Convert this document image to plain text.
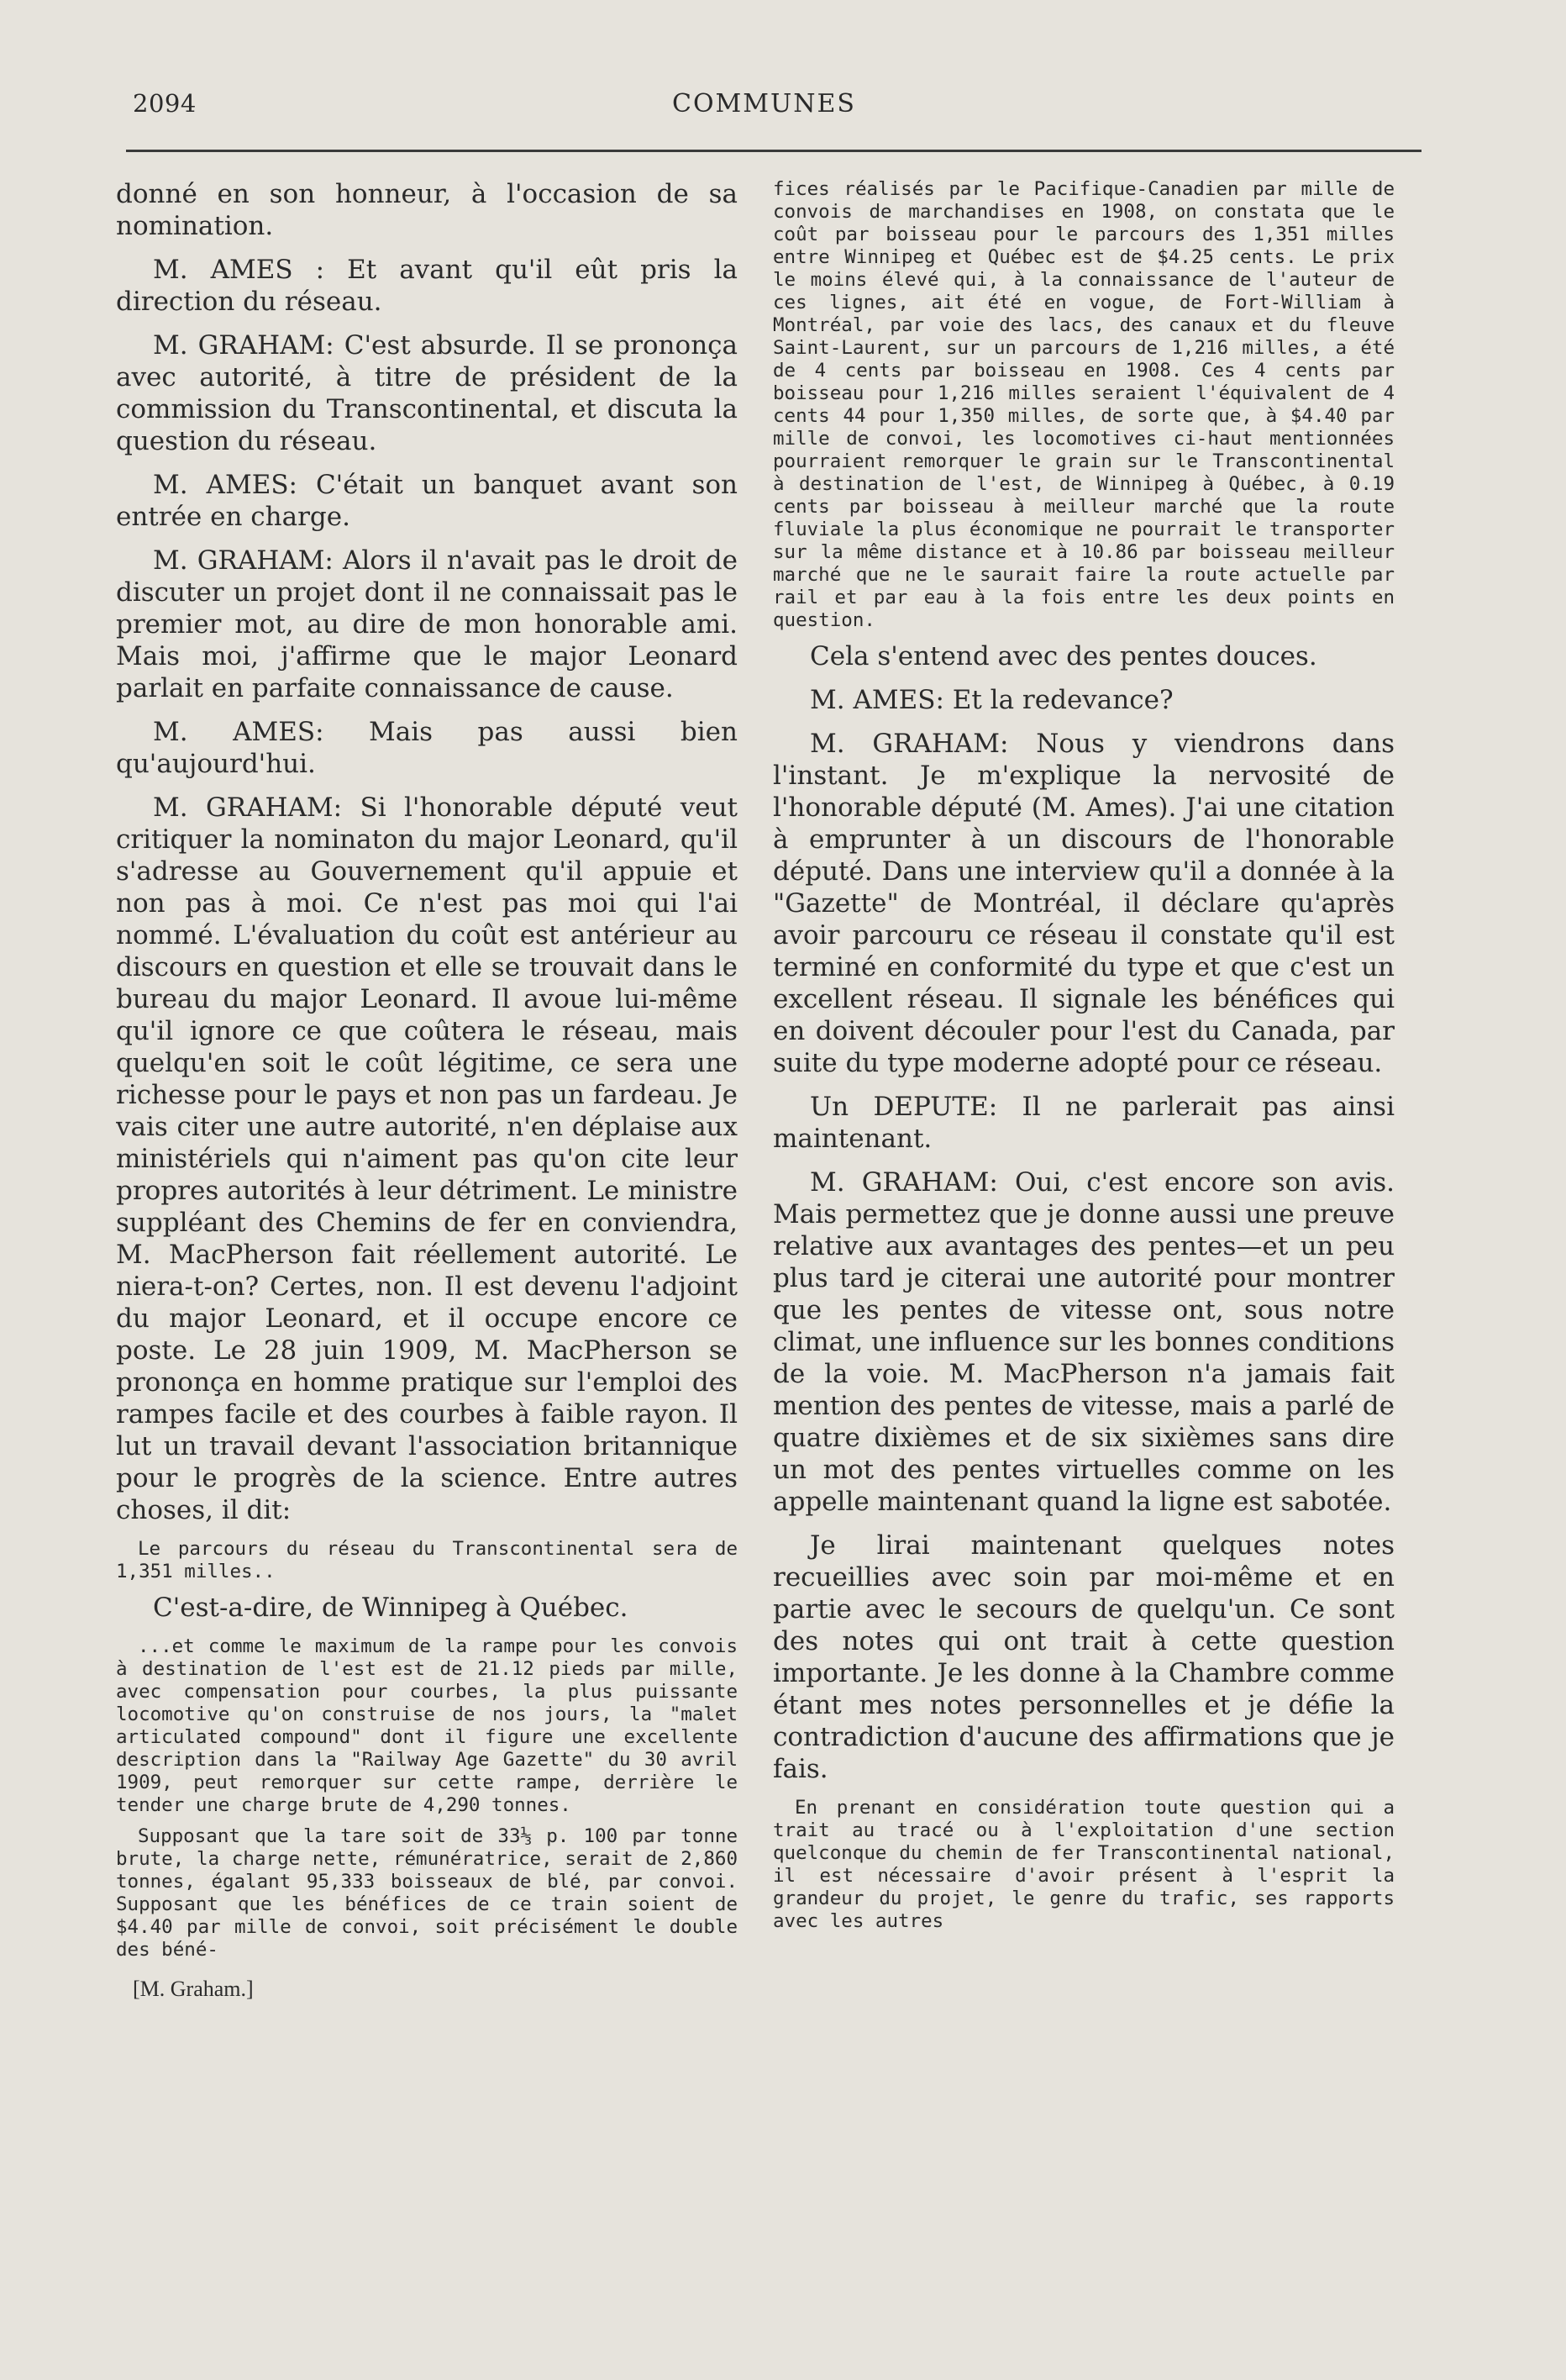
2094	COMMUNES

donné en son honneur, à l'occasion de sa nomination.

M. AMES : Et avant qu'il eût pris la direction du réseau.

M. GRAHAM: C'est absurde. Il se prononça avec autorité, à titre de président de la commission du Transcontinental, et discuta la question du réseau.

M. AMES: C'était un banquet avant son entrée en charge.

M. GRAHAM: Alors il n'avait pas le droit de discuter un projet dont il ne connaissait pas le premier mot, au dire de mon honorable ami. Mais moi, j'affirme que le major Leonard parlait en parfaite connaissance de cause.

M. AMES: Mais pas aussi bien qu'aujourd'hui.

M. GRAHAM: Si l'honorable député veut critiquer la nominaton du major Leonard, qu'il s'adresse au Gouvernement qu'il appuie et non pas à moi. Ce n'est pas moi qui l'ai nommé. L'évaluation du coût est antérieur au discours en question et elle se trouvait dans le bureau du major Leonard. Il avoue lui-même qu'il ignore ce que coûtera le réseau, mais quelqu'en soit le coût légitime, ce sera une richesse pour le pays et non pas un fardeau. Je vais citer une autre autorité, n'en déplaise aux ministériels qui n'aiment pas qu'on cite leur propres autorités à leur détriment. Le ministre suppléant des Chemins de fer en conviendra, M. MacPherson fait réellement autorité. Le niera-t-on? Certes, non. Il est devenu l'adjoint du major Leonard, et il occupe encore ce poste. Le 28 juin 1909, M. MacPherson se prononça en homme pratique sur l'emploi des rampes facile et des courbes à faible rayon. Il lut un travail devant l'association britannique pour le progrès de la science. Entre autres choses, il dit:

Le parcours du réseau du Transcontinental sera de 1,351 milles..

C'est-a-dire, de Winnipeg à Québec.

...et comme le maximum de la rampe pour les convois à destination de l'est est de 21.12 pieds par mille, avec compensation pour courbes, la plus puissante locomotive qu'on construise de nos jours, la "malet articulated compound" dont il figure une excellente description dans la "Railway Age Gazette" du 30 avril 1909, peut remorquer sur cette rampe, derrière le tender une charge brute de 4,290 tonnes.

Supposant que la tare soit de 33⅓ p. 100 par tonne brute, la charge nette, rémunératrice, serait de 2,860 tonnes, égalant 95,333 boisseaux de blé, par convoi. Supposant que les bénéfices de ce train soient de $4.40 par mille de convoi, soit précisément le double des béné-

[M. Graham.]

fices réalisés par le Pacifique-Canadien par mille de convois de marchandises en 1908, on constata que le coût par boisseau pour le parcours des 1,351 milles entre Winnipeg et Québec est de $4.25 cents. Le prix le moins élevé qui, à la connaissance de l'auteur de ces lignes, ait été en vogue, de Fort-William à Montréal, par voie des lacs, des canaux et du fleuve Saint-Laurent, sur un parcours de 1,216 milles, a été de 4 cents par boisseau en 1908. Ces 4 cents par boisseau pour 1,216 milles seraient l'équivalent de 4 cents 44 pour 1,350 milles, de sorte que, à $4.40 par mille de convoi, les locomotives ci-haut mentionnées pourraient remorquer le grain sur le Transcontinental à destination de l'est, de Winnipeg à Québec, à 0.19 cents par boisseau à meilleur marché que la route fluviale la plus économique ne pourrait le transporter sur la même distance et à 10.86 par boisseau meilleur marché que ne le saurait faire la route actuelle par rail et par eau à la fois entre les deux points en question.

Cela s'entend avec des pentes douces.

M. AMES: Et la redevance?

M. GRAHAM: Nous y viendrons dans l'instant. Je m'explique la nervosité de l'honorable député (M. Ames). J'ai une citation à emprunter à un discours de l'honorable député. Dans une interview qu'il a donnée à la "Gazette" de Montréal, il déclare qu'après avoir parcouru ce réseau il constate qu'il est terminé en conformité du type et que c'est un excellent réseau. Il signale les bénéfices qui en doivent découler pour l'est du Canada, par suite du type moderne adopté pour ce réseau.

Un DEPUTE: Il ne parlerait pas ainsi maintenant.

M. GRAHAM: Oui, c'est encore son avis. Mais permettez que je donne aussi une preuve relative aux avantages des pentes—et un peu plus tard je citerai une autorité pour montrer que les pentes de vitesse ont, sous notre climat, une influence sur les bonnes conditions de la voie. M. MacPherson n'a jamais fait mention des pentes de vitesse, mais a parlé de quatre dixièmes et de six sixièmes sans dire un mot des pentes virtuelles comme on les appelle maintenant quand la ligne est sabotée.

Je lirai maintenant quelques notes recueillies avec soin par moi-même et en partie avec le secours de quelqu'un. Ce sont des notes qui ont trait à cette question importante. Je les donne à la Chambre comme étant mes notes personnelles et je défie la contradiction d'aucune des affirmations que je fais.

En prenant en considération toute question qui a trait au tracé ou à l'exploitation d'une section quelconque du chemin de fer Transcontinental national, il est nécessaire d'avoir présent à l'esprit la grandeur du projet, le genre du trafic, ses rapports avec les autres
